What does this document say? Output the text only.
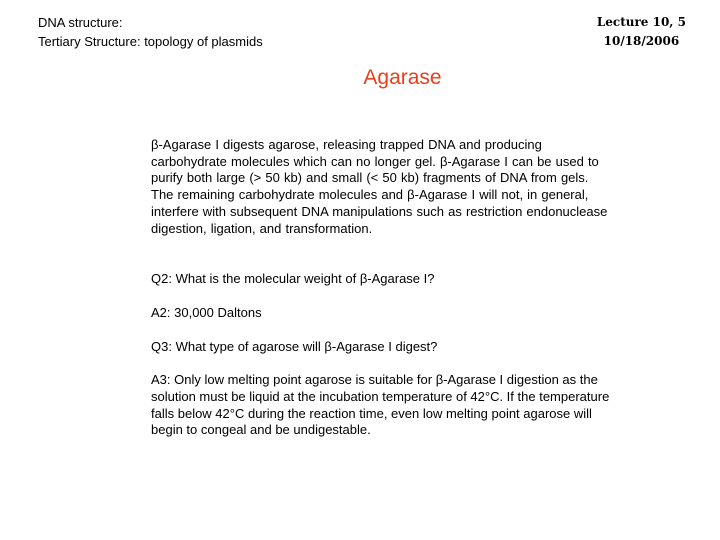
DNA structure:
Tertiary Structure: topology of plasmids
Lecture 10, 5
10/18/2006
Agarase

β-Agarase I digests agarose, releasing trapped DNA and producing carbohydrate molecules which can no longer gel. β-Agarase I can be used to purify both large (> 50 kb) and small (< 50 kb) fragments of DNA from gels. The remaining carbohydrate molecules and β-Agarase I will not, in general, interfere with subsequent DNA manipulations such as restriction endonuclease digestion, ligation, and transformation.

Q2: What is the molecular weight of β-Agarase I?

A2: 30,000 Daltons

Q3: What type of agarose will β-Agarase I digest?

A3: Only low melting point agarose is suitable for β-Agarase I digestion as the solution must be liquid at the incubation temperature of 42°C. If the temperature falls below 42°C during the reaction time, even low melting point agarose will begin to congeal and be undigestable.
